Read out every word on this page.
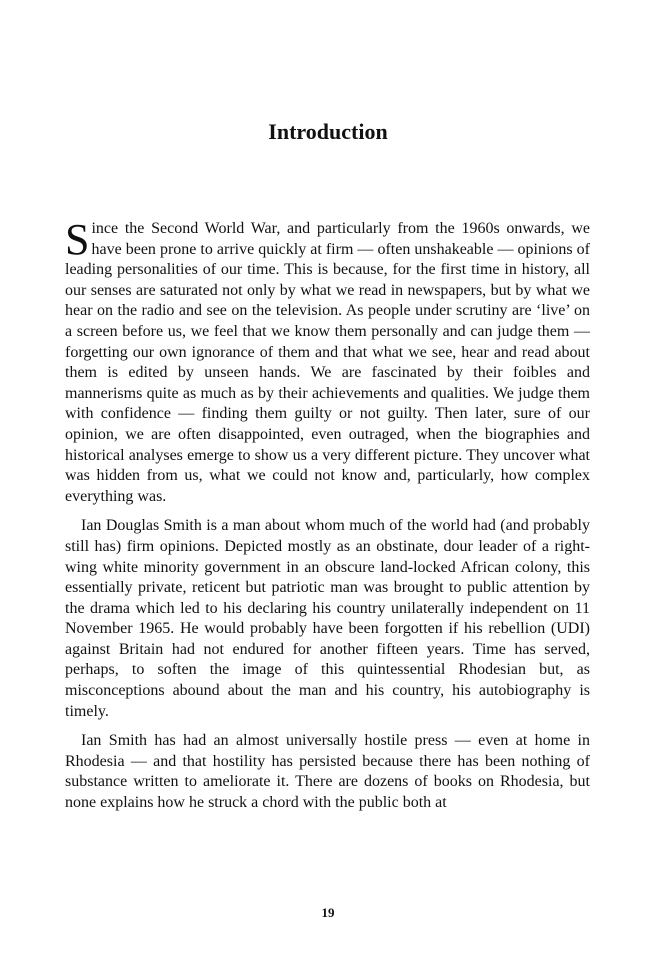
Introduction

Since the Second World War, and particularly from the 1960s onwards, we have been prone to arrive quickly at firm — often unshakeable — opinions of leading personalities of our time. This is because, for the first time in history, all our senses are saturated not only by what we read in newspapers, but by what we hear on the radio and see on the television. As people under scrutiny are ‘live’ on a screen before us, we feel that we know them personally and can judge them — forgetting our own ignorance of them and that what we see, hear and read about them is edited by unseen hands. We are fascinated by their foibles and mannerisms quite as much as by their achievements and qualities. We judge them with confidence — finding them guilty or not guilty. Then later, sure of our opinion, we are often disappointed, even outraged, when the biographies and historical analyses emerge to show us a very different picture. They uncover what was hidden from us, what we could not know and, particularly, how complex everything was.

Ian Douglas Smith is a man about whom much of the world had (and probably still has) firm opinions. Depicted mostly as an obstinate, dour leader of a right-wing white minority government in an obscure land-locked African colony, this essentially private, reticent but patriotic man was brought to public attention by the drama which led to his declaring his country unilaterally independent on 11 November 1965. He would probably have been forgotten if his rebellion (UDI) against Britain had not endured for another fifteen years. Time has served, perhaps, to soften the image of this quintessential Rhodesian but, as misconceptions abound about the man and his country, his autobiography is timely.

Ian Smith has had an almost universally hostile press — even at home in Rhodesia — and that hostility has persisted because there has been nothing of substance written to ameliorate it. There are dozens of books on Rhodesia, but none explains how he struck a chord with the public both at

19
